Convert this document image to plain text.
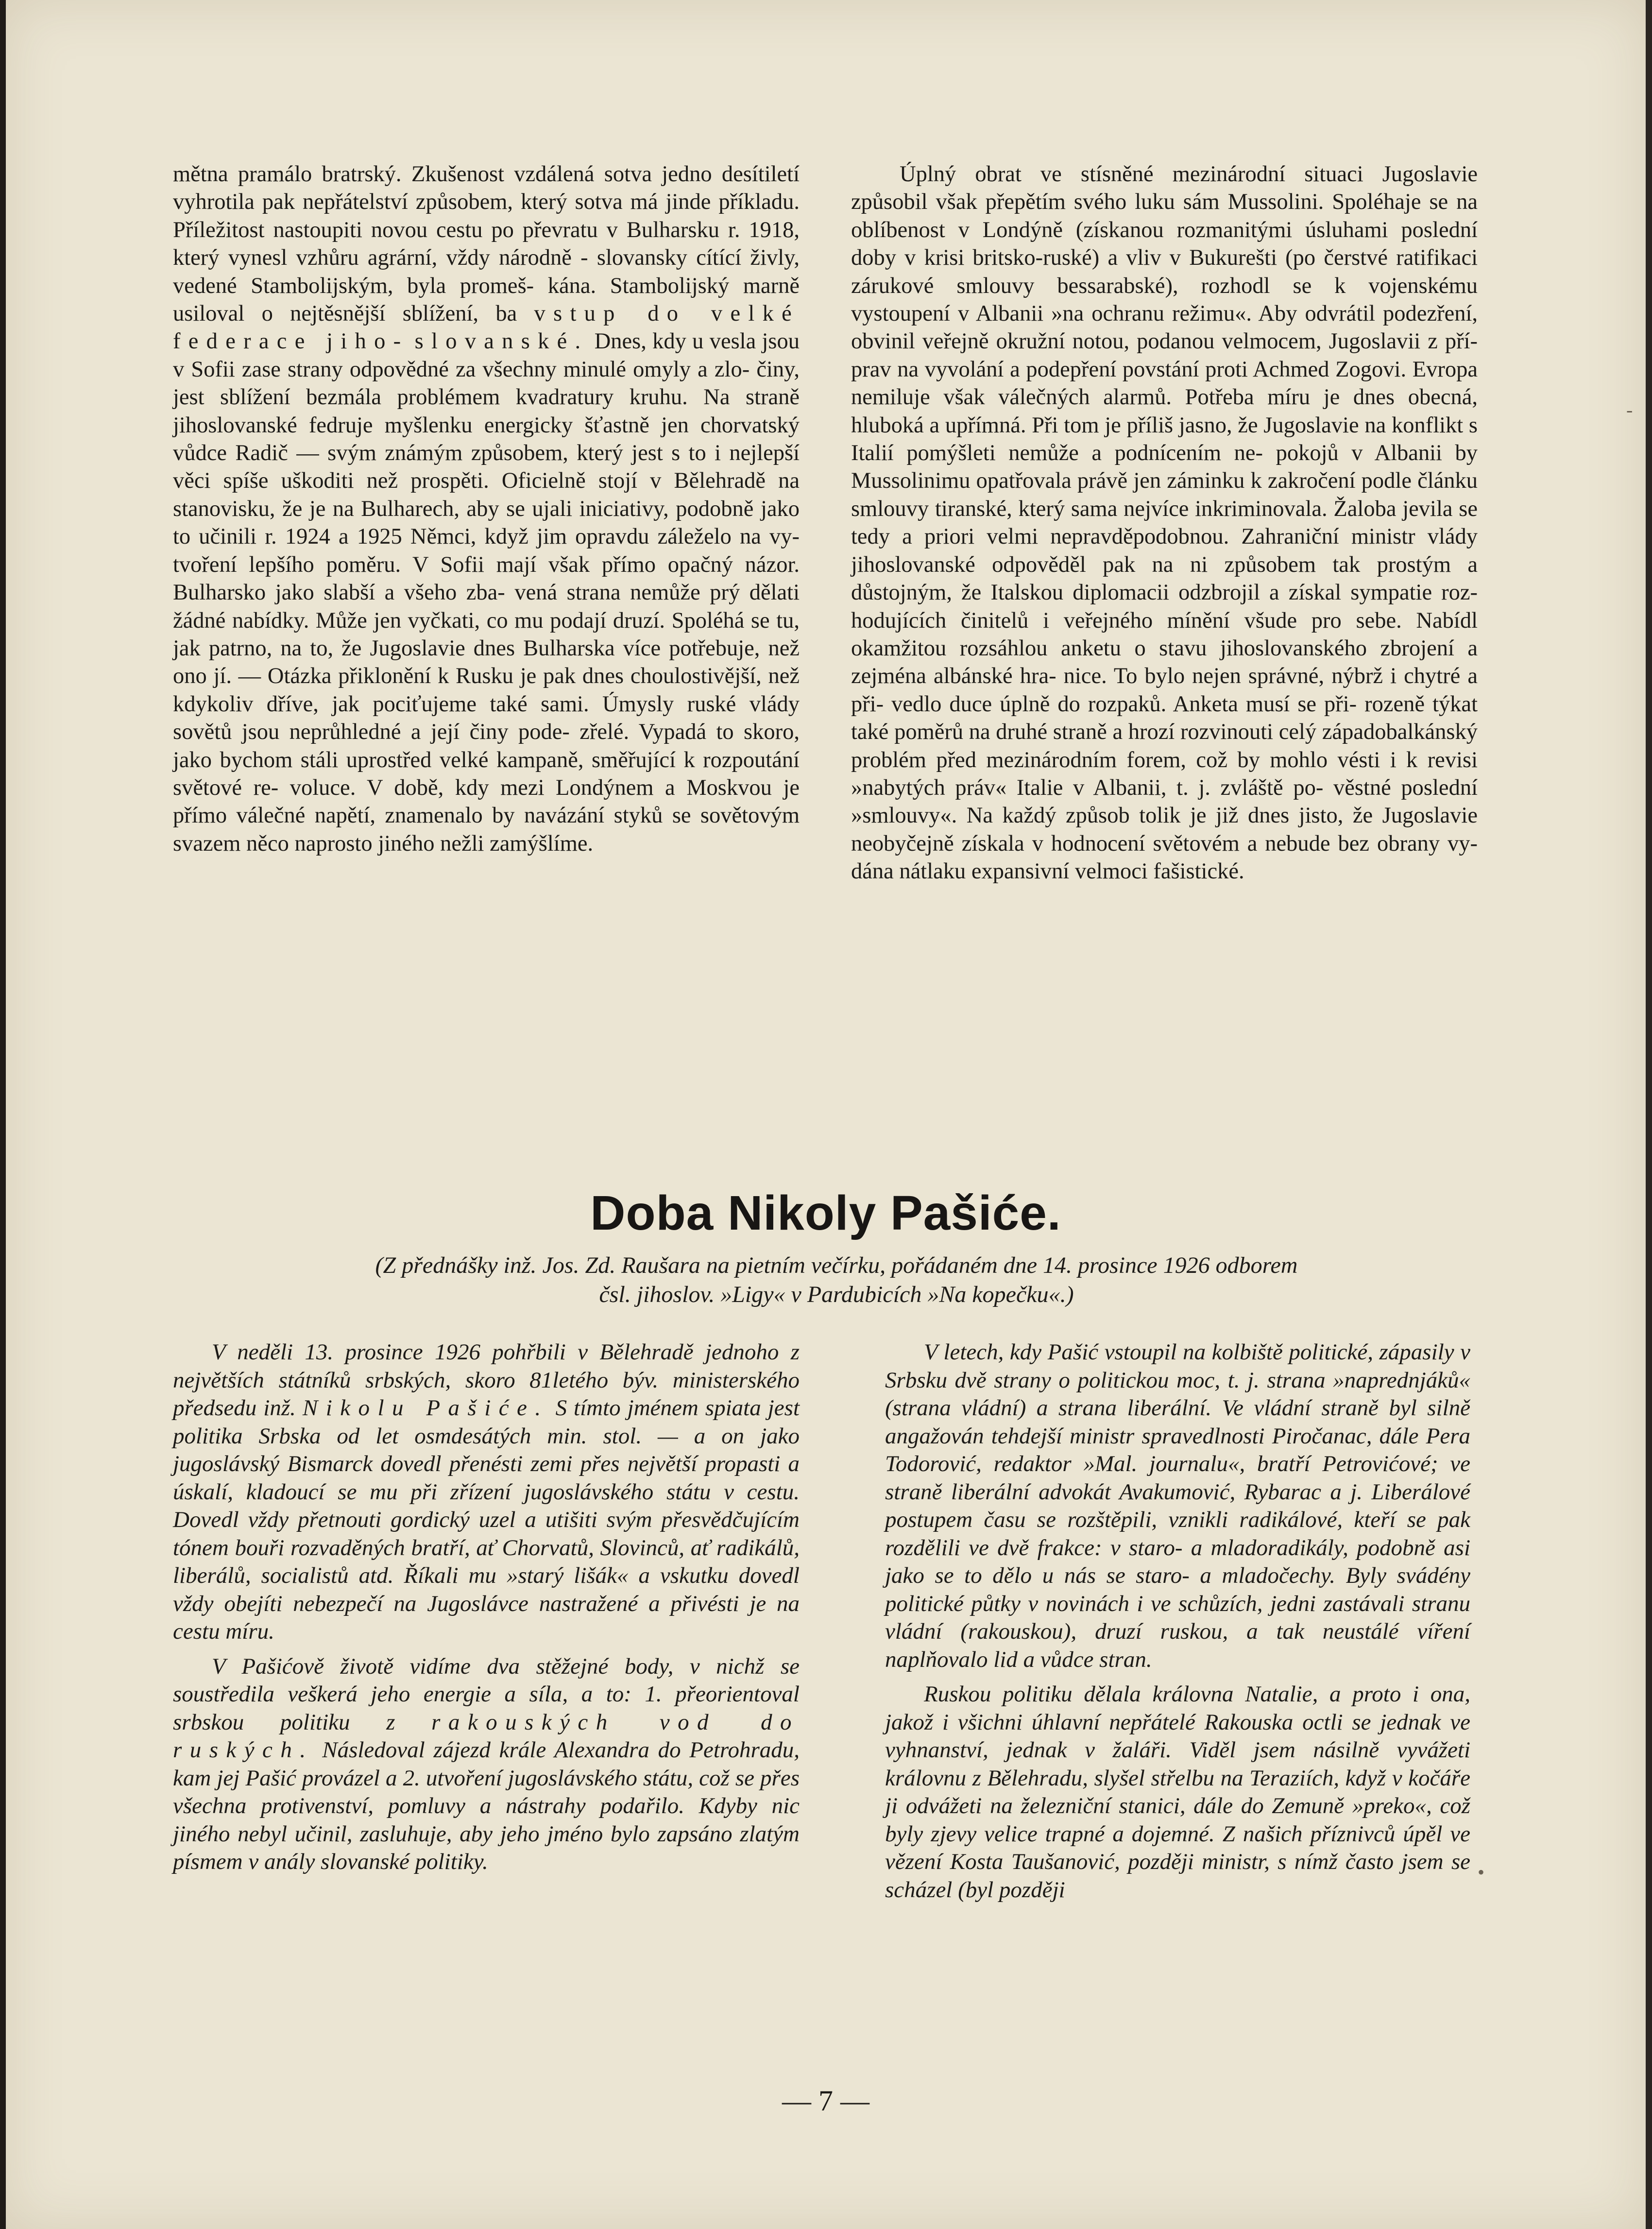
mětna pramálo bratrský. Zkušenost vzdálená sotva jedno desítiletí vyhrotila pak nepřátelství způsobem, který sotva má jinde příkladu. Příležitost nastoupiti novou cestu po převratu v Bulharsku r. 1918, který vynesl vzhůru agrární, vždy národně - slovansky cítící živly, vedené Stambolijským, byla promeš- kána. Stambolijský marně usiloval o nejtěsnější sblížení, ba vstup do velké federace jiho- slovanské. Dnes, kdy u vesla jsou v Sofii zase strany odpovědné za všechny minulé omyly a zlo- činy, jest sblížení bezmála problémem kvadratury kruhu. Na straně jihoslovanské fedruje myšlenku energicky šťastně jen chorvatský vůdce Radič — svým známým způsobem, který jest s to i nejlepší věci spíše uškoditi než prospěti. Oficielně stojí v Bělehradě na stanovisku, že je na Bulharech, aby se ujali iniciativy, podobně jako to učinili r. 1924 a 1925 Němci, když jim opravdu záleželo na vy- tvoření lepšího poměru. V Sofii mají však přímo opačný názor. Bulharsko jako slabší a všeho zba- vená strana nemůže prý dělati žádné nabídky. Může jen vyčkati, co mu podají druzí. Spoléhá se tu, jak patrno, na to, že Jugoslavie dnes Bulharska více potřebuje, než ono jí. — Otázka přiklonění k Rusku je pak dnes choulostivější, než kdykoliv dříve, jak pociťujeme také sami. Úmysly ruské vlády sovětů jsou neprůhledné a její činy pode- zřelé. Vypadá to skoro, jako bychom stáli uprostřed velké kampaně, směřující k rozpoutání světové re- voluce. V době, kdy mezi Londýnem a Moskvou je přímo válečné napětí, znamenalo by navázání styků se sovětovým svazem něco naprosto jiného nežli zamýšlíme.

Úplný obrat ve stísněné mezinárodní situaci Jugoslavie způsobil však přepětím svého luku sám Mussolini. Spoléhaje se na oblíbenost v Londýně (získanou rozmanitými úsluhami poslední doby v krisi britsko-ruské) a vliv v Bukurešti (po čerstvé ratifikaci zárukové smlouvy bessarabské), rozhodl se k vojenskému vystoupení v Albanii »na ochranu režimu«. Aby odvrátil podezření, obvinil veřejně okružní notou, podanou velmocem, Jugoslavii z pří- prav na vyvolání a podepření povstání proti Achmed Zogovi. Evropa nemiluje však válečných alarmů. Potřeba míru je dnes obecná, hluboká a upřímná. Při tom je příliš jasno, že Jugoslavie na konflikt s Italií pomýšleti nemůže a podnícením ne- pokojů v Albanii by Mussolinimu opatřovala právě jen záminku k zakročení podle článku smlouvy tiranské, který sama nejvíce inkriminovala. Žaloba jevila se tedy a priori velmi nepravděpodobnou. Zahraniční ministr vlády jihoslovanské odpověděl pak na ni způsobem tak prostým a důstojným, že Italskou diplomacii odzbrojil a získal sympatie roz- hodujících činitelů i veřejného mínění všude pro sebe. Nabídl okamžitou rozsáhlou anketu o stavu jihoslovanského zbrojení a zejména albánské hra- nice. To bylo nejen správné, nýbrž i chytré a při- vedlo duce úplně do rozpaků. Anketa musí se při- rozeně týkat také poměrů na druhé straně a hrozí rozvinouti celý západobalkánský problém před mezinárodním forem, což by mohlo vésti i k revisi »nabytých práv« Italie v Albanii, t. j. zvláště po- věstné poslední »smlouvy«. Na každý způsob tolik je již dnes jisto, že Jugoslavie neobyčejně získala v hodnocení světovém a nebude bez obrany vy- dána nátlaku expansivní velmoci fašistické.

Doba Nikoly Pašiće.
(Z přednášky inž. Jos. Zd. Raušara na pietním večírku, pořádaném dne 14. prosince 1926 odborem
čsl. jihoslov. »Ligy« v Pardubicích »Na kopečku«.)

V neděli 13. prosince 1926 pohřbili v Bělehradě jednoho z největších státníků srbských, skoro 81letého býv. ministerského předsedu inž. Nikolu Pašiće. S tímto jménem spiata jest politika Srbska od let osmdesátých min. stol. — a on jako jugoslávský Bismarck dovedl přenésti zemi přes největší propasti a úskalí, kladoucí se mu při zřízení jugoslávského státu v cestu. Dovedl vždy přetnouti gordický uzel a utišiti svým přesvědčujícím tónem bouři rozvaděných bratří, ať Chorvatů, Slovinců, ať radikálů, liberálů, socialistů atd. Říkali mu »starý lišák« a vskutku dovedl vždy obejíti nebezpečí na Jugoslávce nastražené a přivésti je na cestu míru.

V Pašićově životě vidíme dva stěžejné body, v nichž se soustředila veškerá jeho energie a síla, a to: 1. přeorientoval srbskou politiku z rakouských vod do ruských. Následoval zájezd krále Alexandra do Petrohradu, kam jej Pašić provázel a 2. utvoření jugoslávského státu, což se přes všechna protivenství, pomluvy a nástrahy podařilo. Kdyby nic jiného nebyl učinil, zasluhuje, aby jeho jméno bylo zapsáno zlatým písmem v anály slovanské politiky.

V letech, kdy Pašić vstoupil na kolbiště politické, zápasily v Srbsku dvě strany o politickou moc, t. j. strana »naprednjáků« (strana vládní) a strana liberální. Ve vládní straně byl silně angažován tehdejší ministr spravedlnosti Piročanac, dále Pera Todorović, redaktor »Mal. journalu«, bratří Petrovićové; ve straně liberální advokát Avakumović, Rybarac a j. Liberálové postupem času se rozštěpili, vznikli radikálové, kteří se pak rozdělili ve dvě frakce: v staro- a mladoradikály, podobně asi jako se to dělo u nás se staro- a mladočechy. Byly svádény politické půtky v novinách i ve schůzích, jedni zastávali stranu vládní (rakouskou), druzí ruskou, a tak neustálé víření naplňovalo lid a vůdce stran.

Ruskou politiku dělala královna Natalie, a proto i ona, jakož i všichni úhlavní nepřátelé Rakouska octli se jednak ve vyhnanství, jednak v žaláři. Viděl jsem násilně vyvážeti královnu z Bělehradu, slyšel střelbu na Teraziích, když v kočáře ji odvážeti na železniční stanici, dále do Zemuně »preko«, což byly zjevy velice trapné a dojemné. Z našich příznivců úpěl ve vězení Kosta Taušanović, později ministr, s nímž často jsem se scházel (byl později

— 7 —
-
•
